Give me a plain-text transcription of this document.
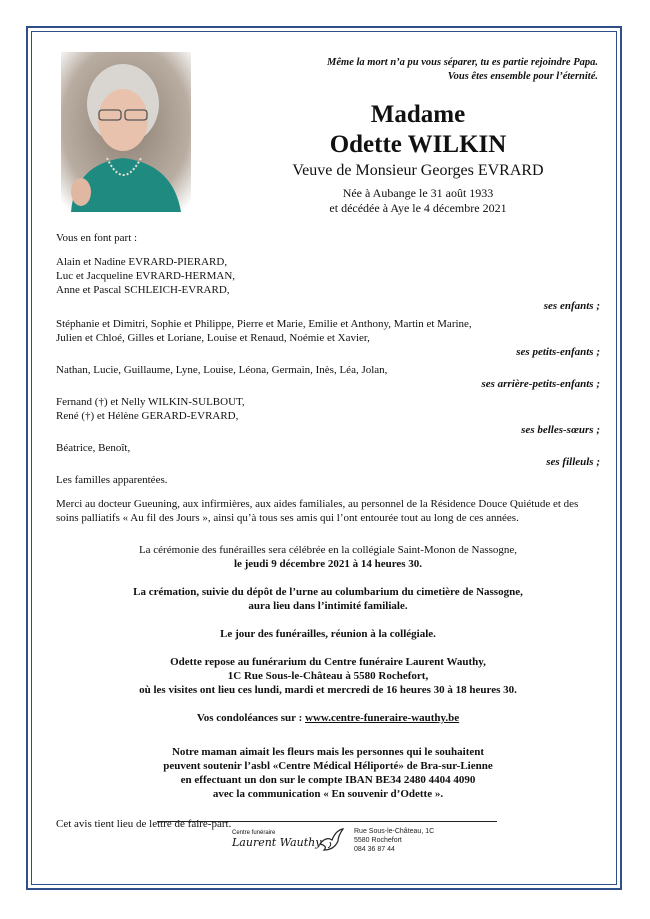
Même la mort n’a pu vous séparer, tu es partie rejoindre Papa.
Vous êtes ensemble pour l’éternité.
Madame
Odette WILKIN
Veuve de Monsieur Georges EVRARD
Née à Aubange le 31 août 1933
et décédée à Aye le 4 décembre 2021
Vous en font part :
Alain et Nadine EVRARD-PIERARD,
Luc et Jacqueline EVRARD-HERMAN,
Anne et Pascal SCHLEICH-EVRARD,
ses enfants ;
Stéphanie et Dimitri, Sophie et Philippe, Pierre et Marie, Emilie et Anthony, Martin et Marine,
Julien et Chloé, Gilles et Loriane, Louise et Renaud, Noémie et Xavier,
ses petits-enfants ;
Nathan, Lucie, Guillaume, Lyne, Louise, Léona, Germain, Inès, Léa, Jolan,
ses arrière-petits-enfants ;
Fernand (†) et Nelly WILKIN-SULBOUT,
René (†) et Hélène GERARD-EVRARD,
ses belles-sœurs ;
Béatrice, Benoît,
ses filleuls ;
Les familles apparentées.
Merci au docteur Gueuning, aux infirmières, aux aides familiales, au personnel de la Résidence Douce Quiétude et des soins palliatifs « Au fil des Jours », ainsi qu’à tous ses amis qui l’ont entourée tout au long de ces années.
La cérémonie des funérailles sera célébrée en la collégiale Saint-Monon de Nassogne,
le jeudi 9 décembre 2021 à 14 heures 30.
La crémation, suivie du dépôt de l’urne au columbarium du cimetière de Nassogne,
aura lieu dans l’intimité familiale.
Le jour des funérailles, réunion à la collégiale.
Odette repose au funérarium du Centre funéraire Laurent Wauthy,
1C Rue Sous-le-Château à 5580 Rochefort,
où les visites ont lieu ces lundi, mardi et mercredi de 16 heures 30 à 18 heures 30.
Vos condoléances sur : www.centre-funeraire-wauthy.be
Notre maman aimait les fleurs mais les personnes qui le souhaitent
peuvent soutenir l’asbl «Centre Médical Héliporté» de Bra-sur-Lienne
en effectuant un don sur le compte IBAN BE34 2480 4404 4090
avec la communication « En souvenir d’Odette ».
Cet avis tient lieu de lettre de faire-part.
Centre funéraire
Laurent Wauthy
Rue Sous-le-Château, 1C
5580 Rochefort
084 36 87 44
